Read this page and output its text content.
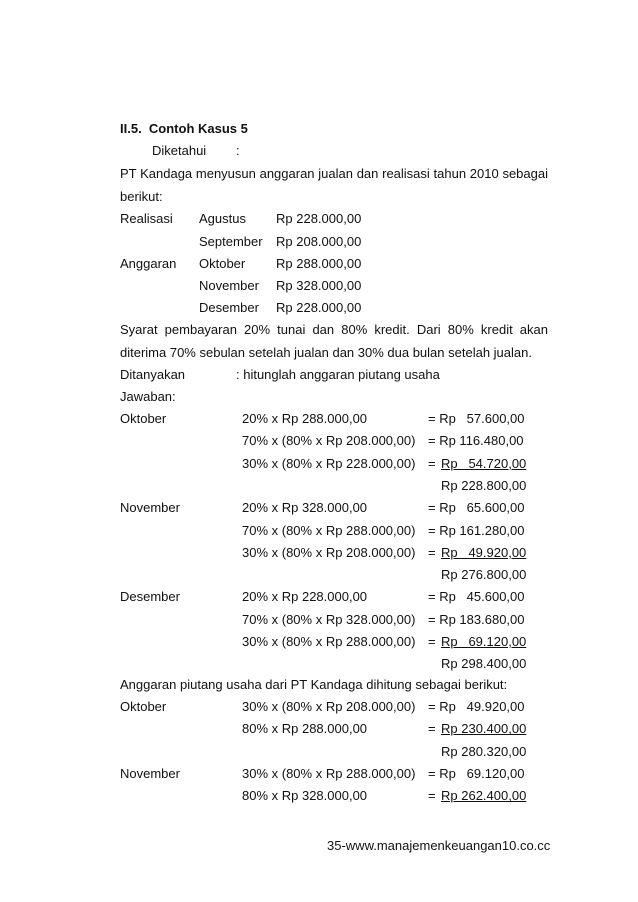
II.5.  Contoh Kasus 5
Diketahui :
PT Kandaga menyusun anggaran jualan dan realisasi tahun 2010 sebagai
berikut:
Realisasi Agustus Rp 228.000,00
September Rp 208.000,00
Anggaran Oktober Rp 288.000,00
November Rp 328.000,00
Desember Rp 228.000,00
Syarat pembayaran 20% tunai dan 80% kredit. Dari 80% kredit akan
diterima 70% sebulan setelah jualan dan 30% dua bulan setelah jualan.
Ditanyakan	: hitunglah anggaran piutang usaha
Jawaban:
Oktober	20% x Rp 288.000,00	= Rp   57.600,00
70% x (80% x Rp 208.000,00) = Rp 116.480,00
30% x (80% x Rp 228.000,00) = Rp   54.720,00
Rp 228.800,00
November	20% x Rp 328.000,00	= Rp   65.600,00
70% x (80% x Rp 288.000,00) = Rp 161.280,00
30% x (80% x Rp 208.000,00) = Rp   49.920,00
Rp 276.800,00
Desember	20% x Rp 228.000,00	= Rp   45.600,00
70% x (80% x Rp 328.000,00) = Rp 183.680,00
30% x (80% x Rp 288.000,00) = Rp   69.120,00
Rp 298.400,00
Anggaran piutang usaha dari PT Kandaga dihitung sebagai berikut:
Oktober	30% x (80% x Rp 208.000,00) = Rp   49.920,00
80% x Rp 288.000,00	= Rp 230.400,00
Rp 280.320,00
November	30% x (80% x Rp 288.000,00) = Rp   69.120,00
80% x Rp 328.000,00	= Rp 262.400,00
35-www.manajemenkeuangan10.co.cc
